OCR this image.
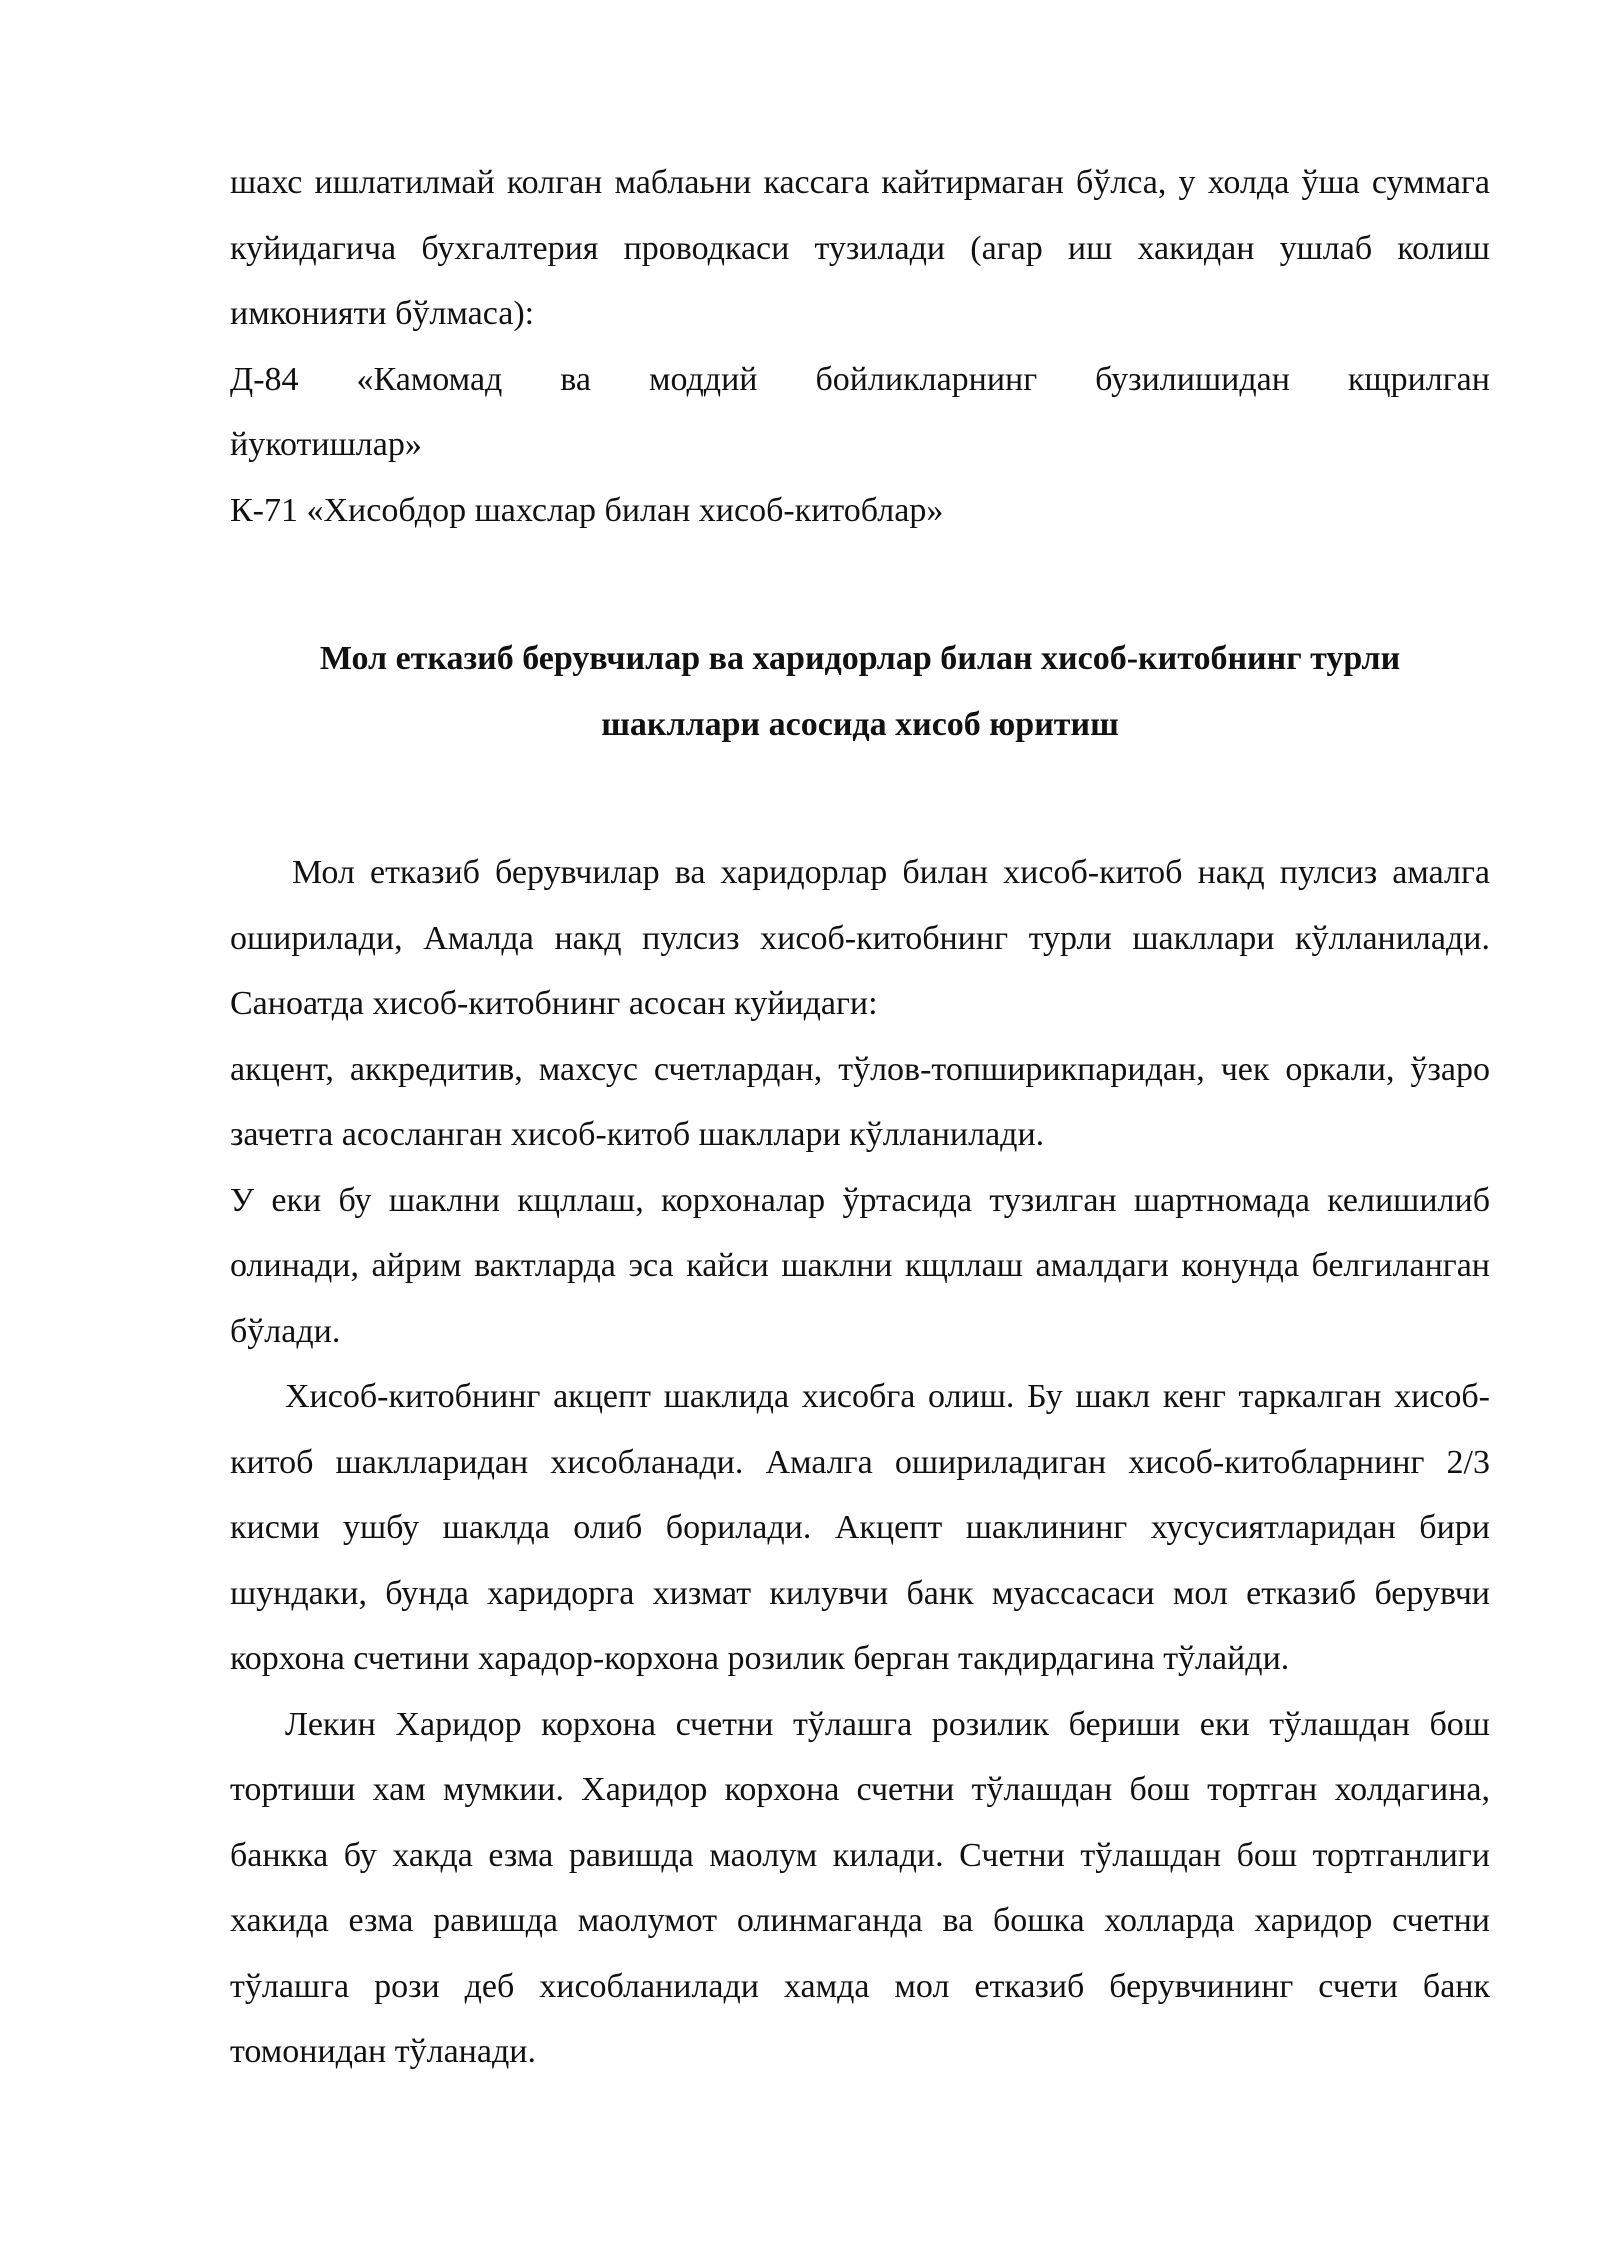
шахс ишлатилмай колган маблаьни кассага кайтирмаган бўлса, у холда ўша суммага куйидагича бухгалтерия проводкаси тузилади (агар иш хакидан ушлаб колиш имконияти бўлмаса):

Д-84 «Камомад ва моддий бойликларнинг бузилишидан кщрилган

йукотишлар»

К-71 «Хисобдор шахслар билан хисоб-китоблар»

Мол етказиб берувчилар ва харидорлар билан хисоб-китобнинг турли
шакллари асосида хисоб юритиш

Мол етказиб берувчилар ва харидорлар билан хисоб-китоб накд пулсиз амалга оширилади, Амалда накд пулсиз хисоб-китобнинг турли шакллари кўлланилади. Саноатда хисоб-китобнинг асосан куйидаги:

акцент, аккредитив, махсус счетлардан, тўлов-топширикпаридан, чек оркали, ўзаро зачетга асосланган хисоб-китоб шакллари кўлланилади.

У еки бу шаклни кщллаш, корхоналар ўртасида тузилган шартномада келишилиб олинади, айрим вактларда эса кайси шаклни кщллаш амалдаги конунда белгиланган бўлади.

Хисоб-китобнинг акцепт шаклида хисобга олиш. Бу шакл кенг таркалган хисоб-китоб шаклларидан хисобланади. Амалга ошириладиган хисоб-китобларнинг 2/3 кисми ушбу шаклда олиб борилади. Акцепт шаклининг хусусиятларидан бири шундаки, бунда харидорга хизмат килувчи банк муассасаси мол етказиб берувчи корхона счетини харадор-корхона розилик берган такдирдагина тўлайди.

Лекин Харидор корхона счетни тўлашга розилик бериши еки тўлашдан бош тортиши хам мумкии. Харидор корхона счетни тўлашдан бош тортган холдагина, банкка бу хакда езма равишда маолум килади. Счетни тўлашдан бош тортганлиги хакида езма равишда маолумот олинмаганда ва бошка холларда харидор счетни тўлашга рози деб хисобланилади хамда мол етказиб берувчининг счети банк томонидан тўланади.
